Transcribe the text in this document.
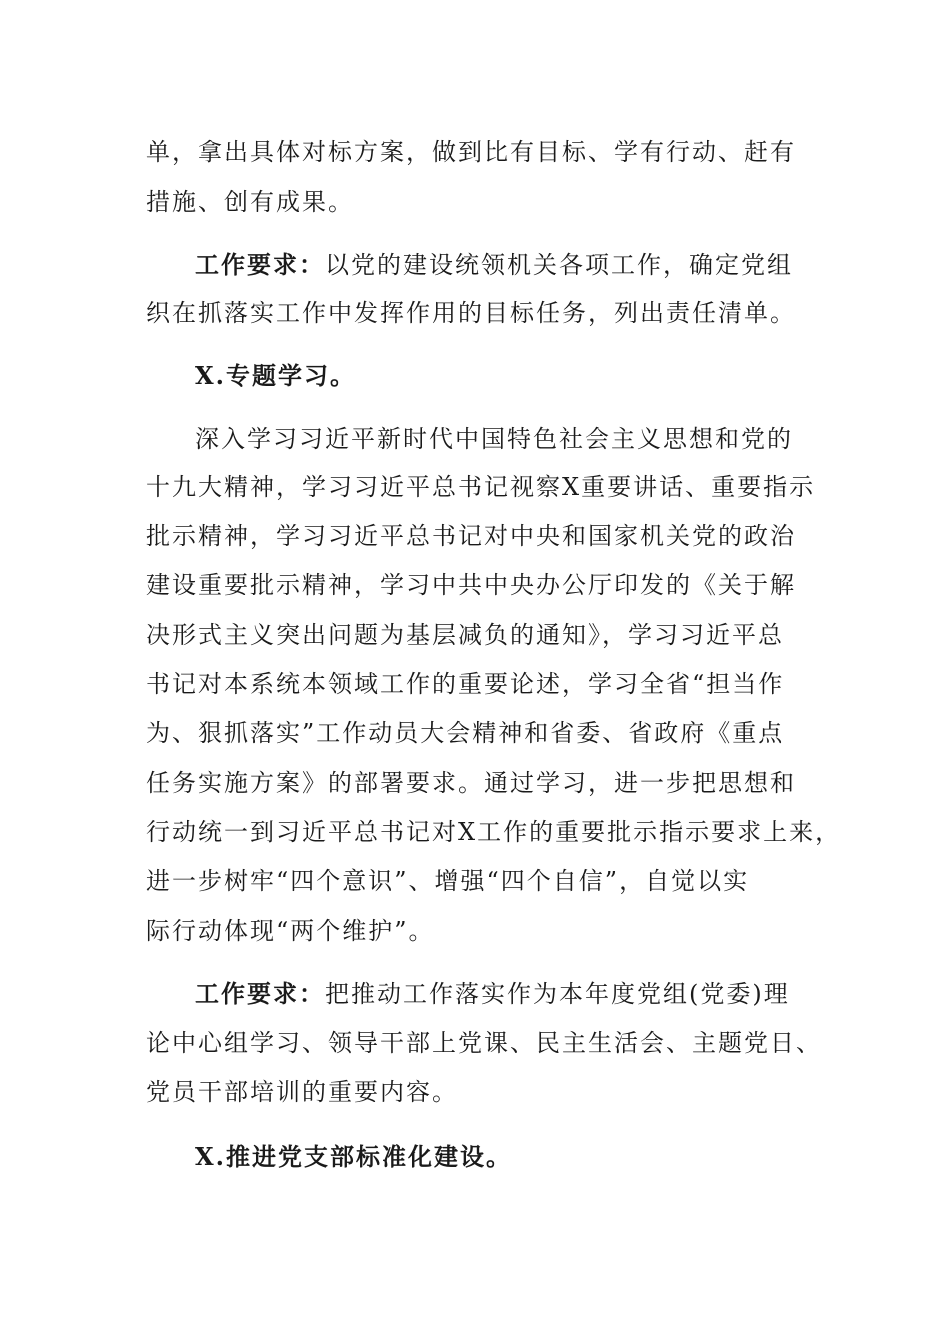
单，拿出具体对标方案，做到比有目标、学有行动、赶有
措施、创有成果。
工作要求：以党的建设统领机关各项工作，确定党组
织在抓落实工作中发挥作用的目标任务，列出责任清单。
X.专题学习。
深入学习习近平新时代中国特色社会主义思想和党的
十九大精神，学习习近平总书记视察X重要讲话、重要指示
批示精神，学习习近平总书记对中央和国家机关党的政治
建设重要批示精神，学习中共中央办公厅印发的《关于解
决形式主义突出问题为基层减负的通知》，学习习近平总
书记对本系统本领域工作的重要论述，学习全省“担当作
为、狠抓落实”工作动员大会精神和省委、省政府《重点
任务实施方案》的部署要求。通过学习，进一步把思想和
行动统一到习近平总书记对X工作的重要批示指示要求上来，
进一步树牢“四个意识”、增强“四个自信”，自觉以实
际行动体现“两个维护”。
工作要求：把推动工作落实作为本年度党组(党委)理
论中心组学习、领导干部上党课、民主生活会、主题党日、
党员干部培训的重要内容。
X.推进党支部标准化建设。
